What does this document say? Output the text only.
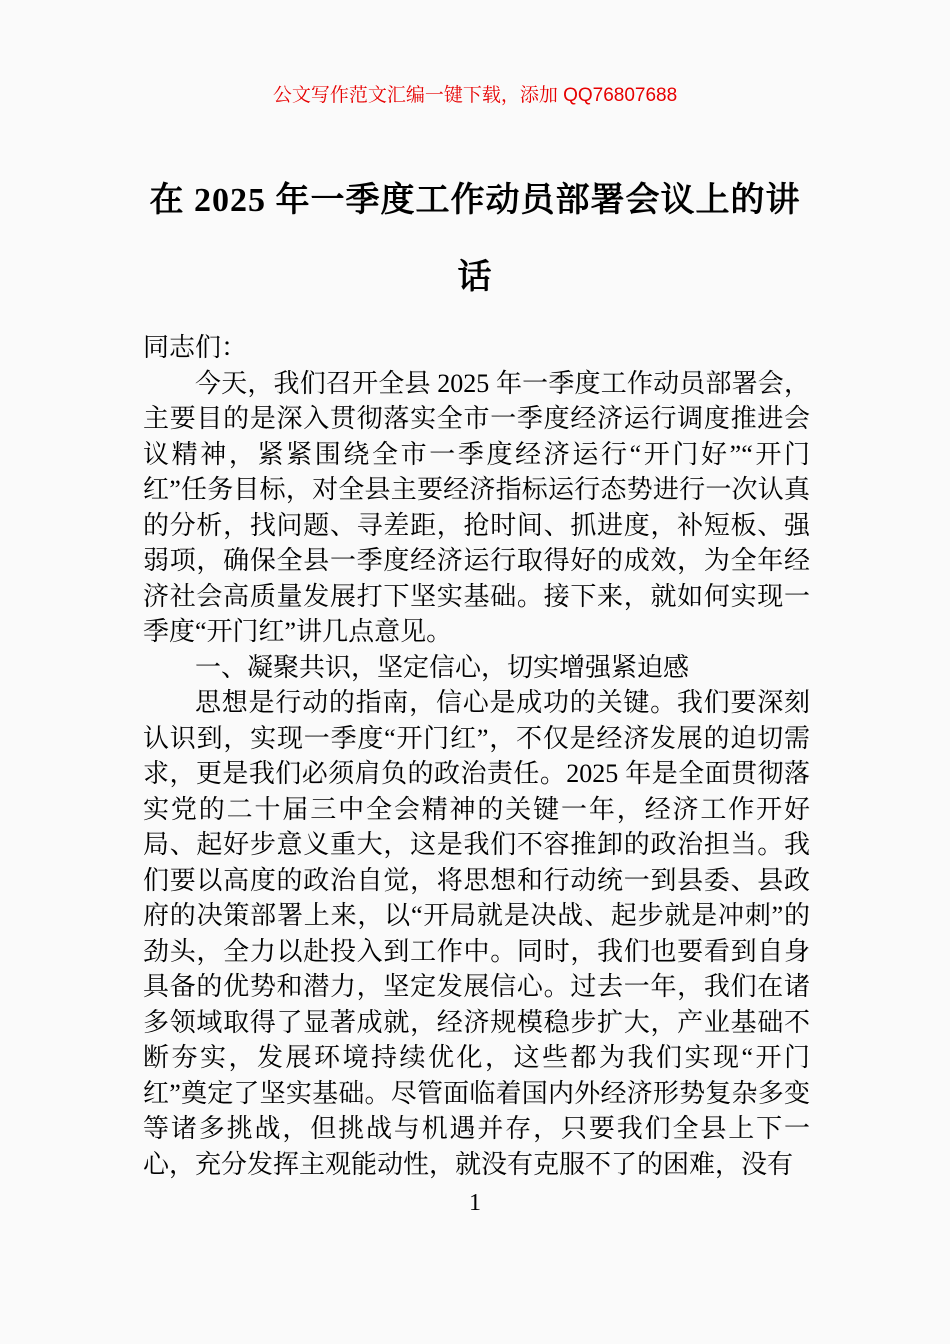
公文写作范文汇编一键下载，添加 QQ76807688
在 2025 年一季度工作动员部署会议上的讲话

同志们：

今天，我们召开全县 2025 年一季度工作动员部署会，主要目的是深入贯彻落实全市一季度经济运行调度推进会议精神，紧紧围绕全市一季度经济运行“开门好”“开门红”任务目标，对全县主要经济指标运行态势进行一次认真的分析，找问题、寻差距，抢时间、抓进度，补短板、强弱项，确保全县一季度经济运行取得好的成效，为全年经济社会高质量发展打下坚实基础。接下来，就如何实现一季度“开门红”讲几点意见。

一、凝聚共识，坚定信心，切实增强紧迫感

思想是行动的指南，信心是成功的关键。我们要深刻认识到，实现一季度“开门红”，不仅是经济发展的迫切需求，更是我们必须肩负的政治责任。2025 年是全面贯彻落实党的二十届三中全会精神的关键一年，经济工作开好局、起好步意义重大，这是我们不容推卸的政治担当。我们要以高度的政治自觉，将思想和行动统一到县委、县政府的决策部署上来，以“开局就是决战、起步就是冲刺”的劲头，全力以赴投入到工作中。同时，我们也要看到自身具备的优势和潜力，坚定发展信心。过去一年，我们在诸多领域取得了显著成就，经济规模稳步扩大，产业基础不断夯实，发展环境持续优化，这些都为我们实现“开门红”奠定了坚实基础。尽管面临着国内外经济形势复杂多变等诸多挑战，但挑战与机遇并存，只要我们全县上下一心，充分发挥主观能动性，就没有克服不了的困难，没有

1
